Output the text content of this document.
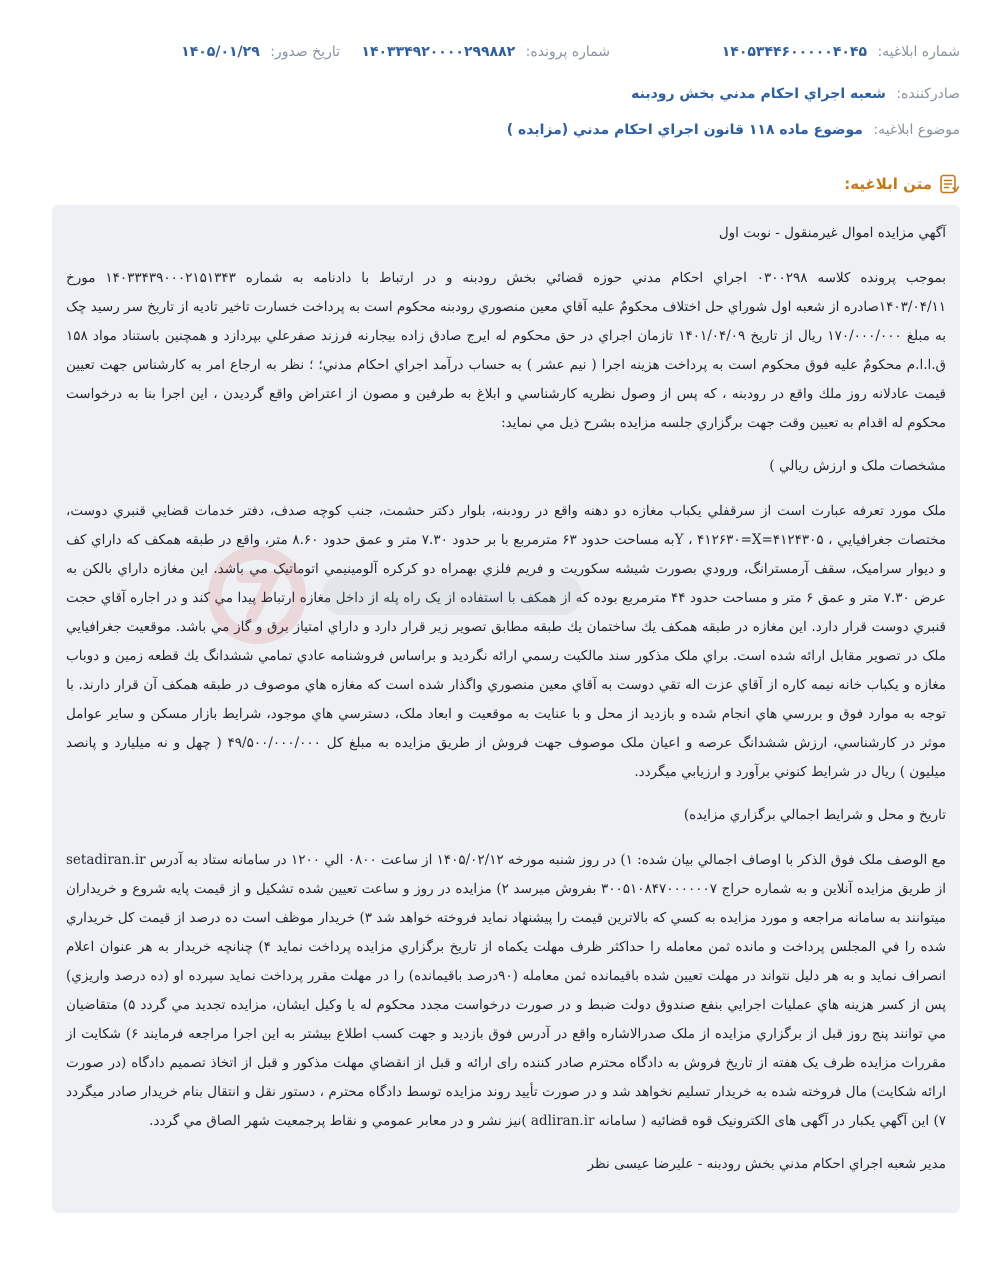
شماره ابلاغيه: ۱۴۰۵۳۴۴۶۰۰۰۰۰۴۰۴۵
شماره پرونده: ۱۴۰۳۳۴۹۲۰۰۰۰۲۹۹۸۸۲
تاريخ صدور: ۱۴۰۵/۰۱/۲۹
صادرکننده: شعبه اجراي احکام مدني بخش رودبنه
موضوع ابلاغيه: موضوع ماده ۱۱۸ قانون اجراي احكام مدني (مزايده )
متن ابلاغيه:

آگهي مزايده اموال غيرمنقول - نوبت اول

بموجب پرونده کلاسه ۰۳۰۰۲۹۸ اجراي احکام مدني حوزه قضائي بخش رودبنه و در ارتباط با دادنامه به شماره ۱۴۰۳۳۴۳۹۰۰۰۲۱۵۱۳۴۳ مورخ ۱۴۰۳/۰۴/۱۱صادره از شعبه اول شوراي حل اختلاف محکومٌ عليه آقاي معين منصوري رودبنه محکوم است به پرداخت خسارت تاخير تاديه از تاريخ سر رسيد چک به مبلغ ۱۷۰/۰۰۰/۰۰۰ ريال از تاريخ ۱۴۰۱/۰۴/۰۹ تازمان اجراي در حق محکوم له ايرج صادق زاده بيجارنه فرزند صفرعلي بپردازد و همچنين باستناد مواد ۱۵۸ ق.ا.ا.م محکومٌ عليه فوق محکوم است به پرداخت هزينه اجرا ( نيم عشر ) به حساب درآمد اجراي احکام مدني؛ ؛ نظر به ارجاع امر به کارشناس جهت تعيين قيمت عادلانه روز ملك واقع در رودبنه ، که پس از وصول نظريه کارشناسي و ابلاغ به طرفين و مصون از اعتراض واقع گرديدن ، اين اجرا بنا به درخواست محکوم له اقدام به تعيين وقت جهت برگزاري جلسه مزايده بشرح ذيل مي نمايد:

مشخصات ملک و ارزش ريالي )

ملک مورد تعرفه عبارت است از سرقفلي يکباب مغازه دو دهنه واقع در رودبنه، بلوار دکتر حشمت، جنب کوچه صدف، دفتر خدمات قضايي قنبري دوست، مختصات جغرافيايي ، ۴۱۲۴۳۰۵=Y ، ۴۱۲۶۳۰=Xبه مساحت حدود ۶۳ مترمربع با بر حدود ۷.۳۰ متر و عمق حدود ۸.۶۰ متر، واقع در طبقه همکف که داراي کف و ديوار سراميک، سقف آرمسترانگ، ورودي بصورت شيشه سکوريت و فريم فلزي بهمراه دو کرکره آلومينيمي اتوماتيک مي باشد. اين مغازه داراي بالکن به عرض ۷.۳۰ متر و عمق ۶ متر و مساحت حدود ۴۴ مترمربع بوده که از همکف با استفاده از يک راه پله از داخل مغازه ارتباط پيدا مي کند و در اجاره آقاي حجت قنبري دوست قرار دارد. اين مغازه در طبقه همکف يك ساختمان يك طبقه مطابق تصوير زير قرار دارد و داراي امتياز برق و گاز مي باشد. موقعيت جغرافيايي ملک در تصوير مقابل ارائه شده است. براي ملک مذکور سند مالکيت رسمي ارائه نگرديد و براساس فروشنامه عادي تمامي ششدانگ يك قطعه زمين و دوباب مغازه و يکباب خانه نيمه كاره از آقاي عزت اله تقي دوست به آقاي معين منصوري واگذار شده است که مغازه هاي موصوف در طبقه همکف آن قرار دارند. با توجه به موارد فوق و بررسي هاي انجام شده و بازديد از محل و با عنايت به موقعيت و ابعاد ملک، دسترسي هاي موجود، شرايط بازار مسکن و ساير عوامل موثر در کارشناسي، ارزش ششدانگ عرصه و اعيان ملک موصوف جهت فروش از طريق مزايده به مبلغ کل ۴۹/۵۰۰/۰۰۰/۰۰۰ ( چهل و نه ميليارد و پانصد ميليون ) ريال در شرايط کنوني برآورد و ارزيابي ميگردد.

تاريخ و محل و شرايط اجمالي برگزاري مزايده)

مع الوصف ملک فوق الذکر با اوصاف اجمالي بيان شده: ۱) در روز شنبه مورخه ۱۴۰۵/۰۲/۱۲ از ساعت ۰۸۰۰ الي ۱۲۰۰ در سامانه ستاد به آدرس setadiran.ir از طريق مزايده آنلاين و به شماره حراج ۳۰۰۵۱۰۸۴۷۰۰۰۰۰۰۷ بفروش ميرسد ۲) مزايده در روز و ساعت تعيين شده تشکيل و از قيمت پايه شروع و خريداران ميتوانند به سامانه مراجعه و مورد مزايده به کسي که بالاترين قيمت را پيشنهاد نمايد فروخته خواهد شد ۳) خريدار موظف است ده درصد از قيمت کل خريداري شده را في المجلس پرداخت و مانده ثمن معامله را حداکثر ظرف مهلت يکماه از تاريخ برگزاري مزايده پرداخت نمايد ۴) چنانچه خريدار به هر عنوان اعلام انصراف نمايد و به هر دليل نتواند در مهلت تعيين شده باقيمانده ثمن معامله (۹۰درصد باقيمانده) را در مهلت مقرر پرداخت نمايد سپرده او (ده درصد واريزي) پس از كسر هزينه هاي عمليات اجرايي بنفع صندوق دولت ضبط و در صورت درخواست مجدد محكوم له يا وكيل ايشان، مزايده تجديد مي گردد ۵) متقاضيان مي توانند پنج روز قبل از برگزاري مزايده از ملک صدرالاشاره واقع در آدرس فوق بازديد و جهت کسب اطلاع بيشتر به اين اجرا مراجعه فرمايند ۶) شکايت از مقررات مزايده ظرف يک هفته از تاريخ فروش به دادگاه محترم صادر کننده راى ارائه و قبل از انقضاي مهلت مذکور و قبل از اتخاذ تصميم دادگاه (در صورت ارائه شکايت) مال فروخته شده به خريدار تسليم نخواهد شد و در صورت تأييد روند مزايده توسط دادگاه محترم ، دستور نقل و انتقال بنام خريدار صادر ميگردد ۷) اين آگهي يکبار در آگهی های الکترونيک قوه قضائيه ( سامانه adliran.ir )نيز نشر و در معابر عمومي و نقاط پرجمعيت شهر الصاق مي گردد.

مدير شعبه اجراي احکام مدني بخش رودبنه - عليرضا عيسی نظر
